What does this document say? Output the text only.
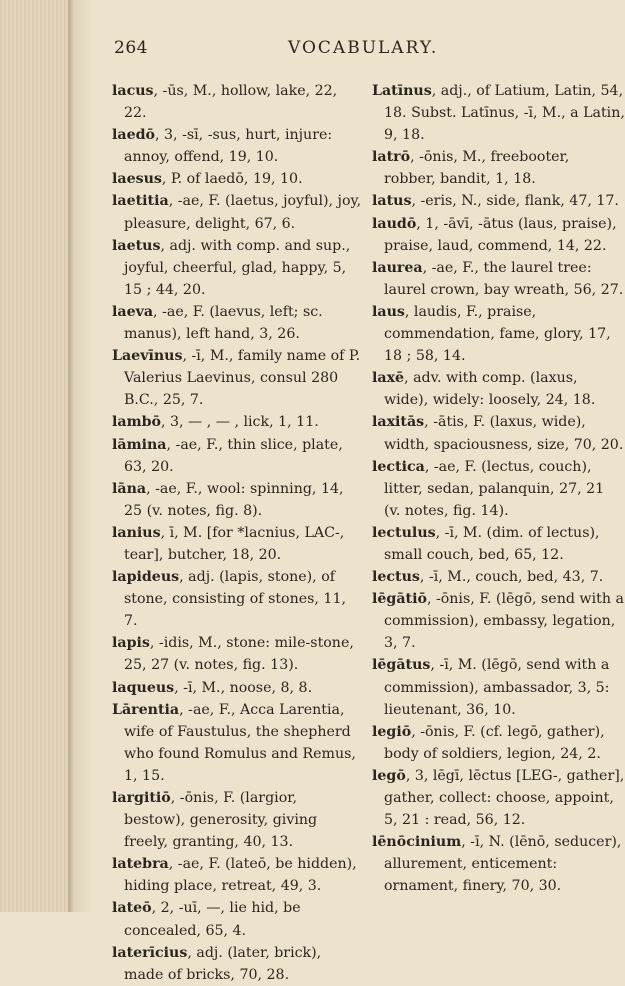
264	VOCABULARY.

lacus, -ūs, M., hollow, lake, 22, 22.

laedō, 3, -sī, -sus, hurt, injure: annoy, offend, 19, 10.

laesus, P. of laedō, 19, 10.

laetitia, -ae, F. (laetus, joyful), joy, pleasure, delight, 67, 6.

laetus, adj. with comp. and sup., joyful, cheerful, glad, happy, 5, 15 ; 44, 20.

laeva, -ae, F. (laevus, left; sc. manus), left hand, 3, 26.

Laevīnus, -ī, M., family name of P. Valerius Laevinus, consul 280 B.C., 25, 7.

lambō, 3, — , — , lick, 1, 11.

lāmina, -ae, F., thin slice, plate, 63, 20.

lāna, -ae, F., wool: spinning, 14, 25 (v. notes, fig. 8).

lanius, ī, M. [for *lacnius, LAC-, tear], butcher, 18, 20.

lapideus, adj. (lapis, stone), of stone, consisting of stones, 11, 7.

lapis, -idis, M., stone: mile-stone, 25, 27 (v. notes, fig. 13).

laqueus, -ī, M., noose, 8, 8.

Lārentia, -ae, F., Acca Larentia, wife of Faustulus, the shepherd who found Romulus and Remus, 1, 15.

largitiō, -ōnis, F. (largior, bestow), generosity, giving freely, granting, 40, 13.

latebra, -ae, F. (lateō, be hidden), hiding place, retreat, 49, 3.

lateō, 2, -uī, —, lie hid, be concealed, 65, 4.

laterīcius, adj. (later, brick), made of bricks, 70, 28.

Latīnus, adj., of Latium, Latin, 54, 18. Subst. Latīnus, -ī, M., a Latin, 9, 18.

latrō, -ōnis, M., freebooter, robber, bandit, 1, 18.

latus, -eris, N., side, flank, 47, 17.

laudō, 1, -āvī, -ātus (laus, praise), praise, laud, commend, 14, 22.

laurea, -ae, F., the laurel tree: laurel crown, bay wreath, 56, 27.

laus, laudis, F., praise, commendation, fame, glory, 17, 18 ; 58, 14.

laxē, adv. with comp. (laxus, wide), widely: loosely, 24, 18.

laxitās, -ātis, F. (laxus, wide), width, spaciousness, size, 70, 20.

lectica, -ae, F. (lectus, couch), litter, sedan, palanquin, 27, 21 (v. notes, fig. 14).

lectulus, -ī, M. (dim. of lectus), small couch, bed, 65, 12.

lectus, -ī, M., couch, bed, 43, 7.

lēgātiō, -ōnis, F. (lēgō, send with a commission), embassy, legation, 3, 7.

lēgātus, -ī, M. (lēgō, send with a commission), ambassador, 3, 5: lieutenant, 36, 10.

legiō, -ōnis, F. (cf. legō, gather), body of soldiers, legion, 24, 2.

legō, 3, lēgī, lēctus [LEG-, gather], gather, collect: choose, appoint, 5, 21 : read, 56, 12.

lēnōcinium, -ī, N. (lēnō, seducer), allurement, enticement: ornament, finery, 70, 30.
